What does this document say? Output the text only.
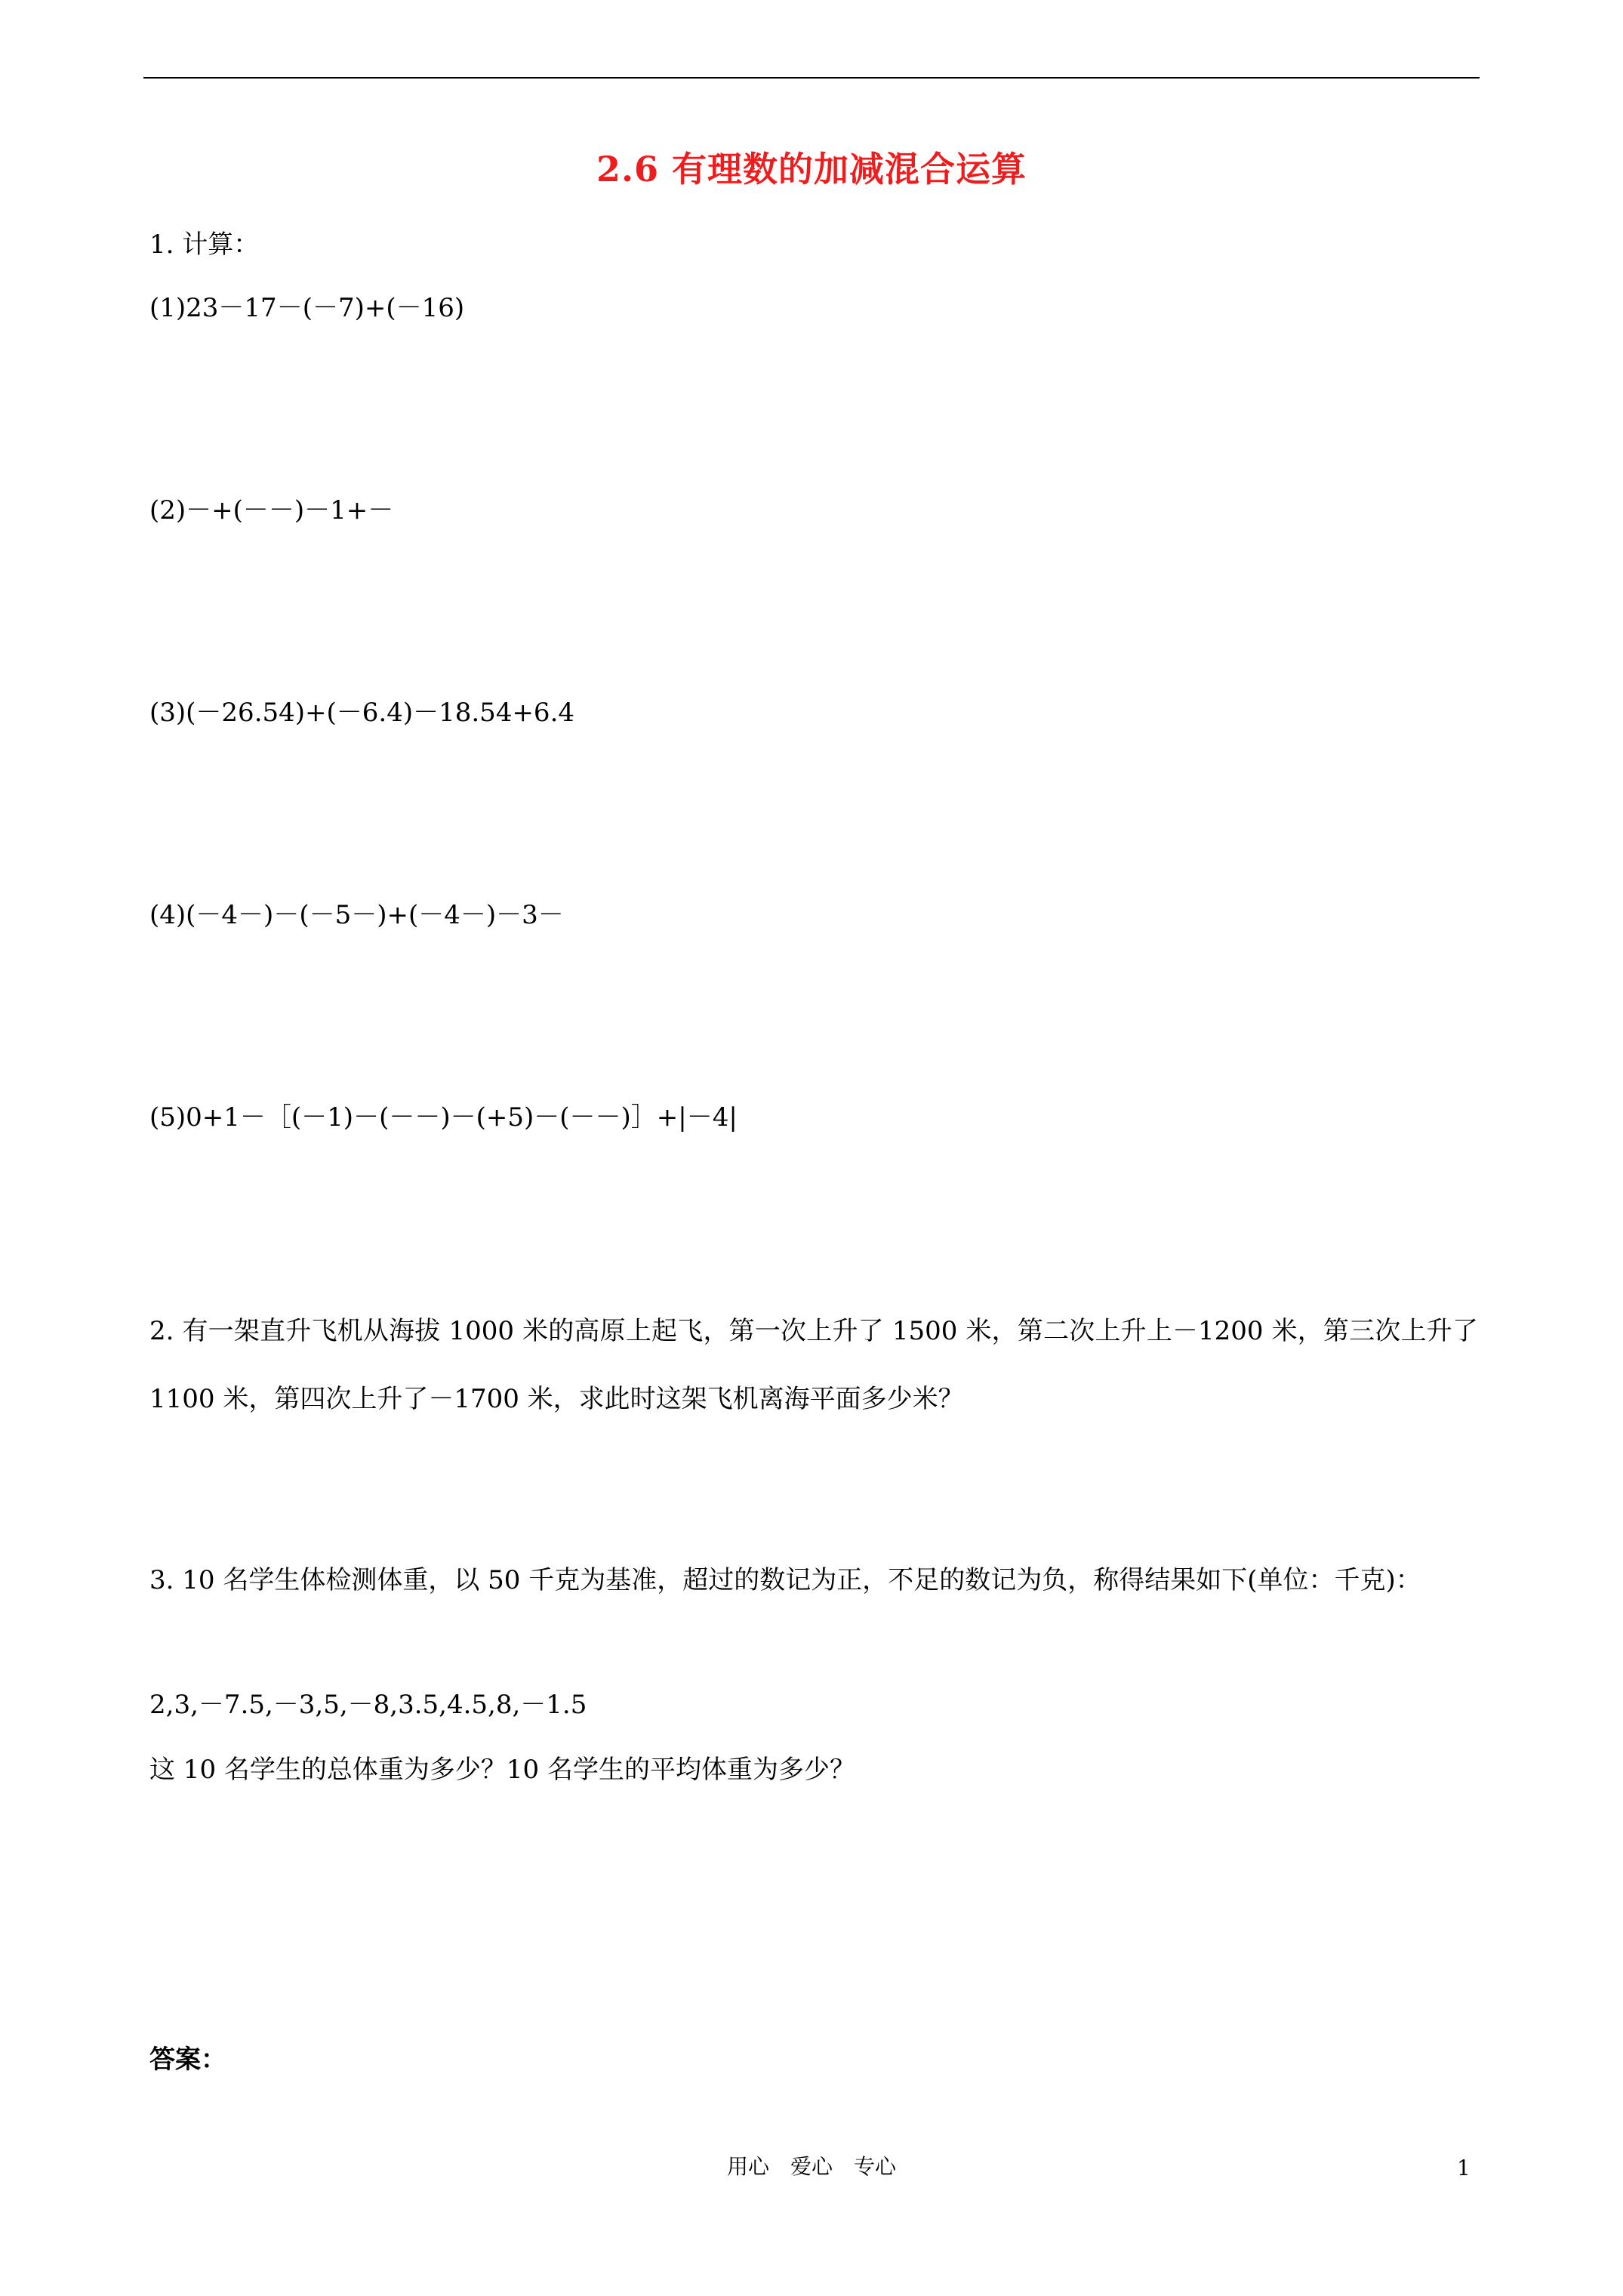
2.6 有理数的加减混合运算
1. 计算：
(1)23－17－(－7)+(－16)
(2)－+(－－)－1+－
(3)(－26.54)+(－6.4)－18.54+6.4
(4)(－4－)－(－5－)+(－4－)－3－
(5)0+1－［(－1)－(－－)－(+5)－(－－)］+|－4|
2. 有一架直升飞机从海拔 1000 米的高原上起飞，第一次上升了 1500 米，第二次上升上－1200 米，第三次上升了 1100 米，第四次上升了－1700 米，求此时这架飞机离海平面多少米？
3. 10 名学生体检测体重，以 50 千克为基准，超过的数记为正，不足的数记为负，称得结果如下(单位：千克)：
2,3,－7.5,－3,5,－8,3.5,4.5,8,－1.5
这 10 名学生的总体重为多少？10 名学生的平均体重为多少？
答案：
用心　爱心　专心	1
